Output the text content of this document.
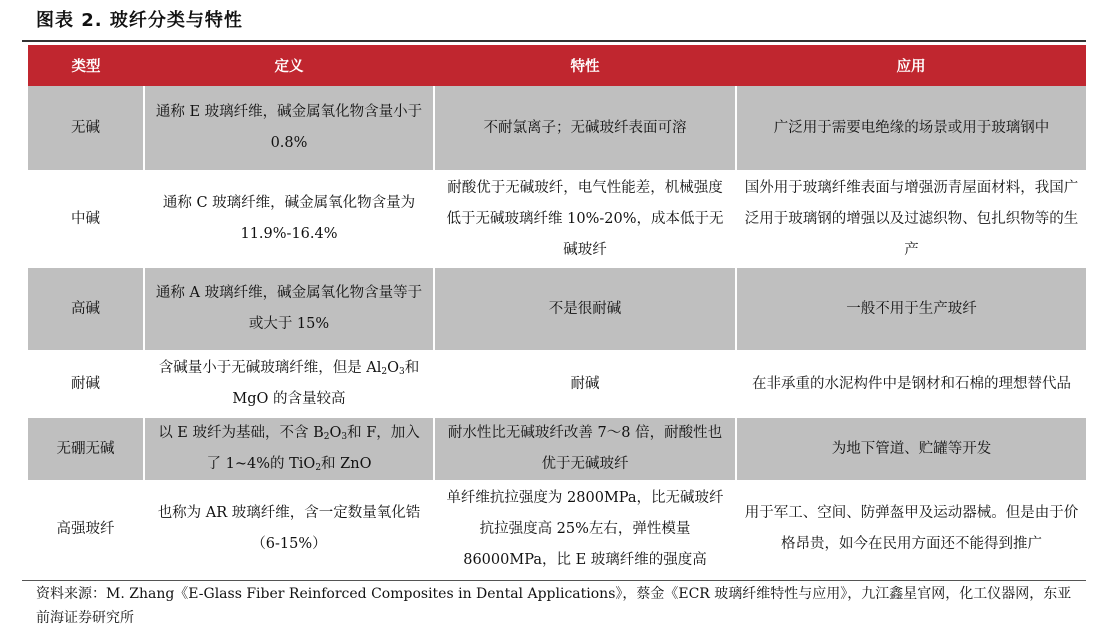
图表 2. 玻纤分类与特性
类型	定义	特性	应用
无碱	通称 E 玻璃纤维，碱金属氧化物含量小于 0.8%	不耐氯离子；无碱玻纤表面可溶	广泛用于需要电绝缘的场景或用于玻璃钢中
中碱	通称 C 玻璃纤维，碱金属氧化物含量为 11.9%-16.4%	耐酸优于无碱玻纤，电气性能差，机械强度低于无碱玻璃纤维 10%-20%，成本低于无碱玻纤	国外用于玻璃纤维表面与增强沥青屋面材料，我国广泛用于玻璃钢的增强以及过滤织物、包扎织物等的生产
高碱	通称 A 玻璃纤维，碱金属氧化物含量等于或大于 15%	不是很耐碱	一般不用于生产玻纤
耐碱	含碱量小于无碱玻璃纤维，但是 $Al_2O_3$和 MgO 的含量较高	耐碱	在非承重的水泥构件中是钢材和石棉的理想替代品
无硼无碱	以 E 玻纤为基础，不含 $B_2O_3$和 F，加入了 1~4%的 TiO$_2$和 ZnO	耐水性比无碱玻纤改善 7～8 倍，耐酸性也优于无碱玻纤	为地下管道、贮罐等开发
高强玻纤	也称为 AR 玻璃纤维，含一定数量氧化锆（6-15%）	单纤维抗拉强度为 2800MPa，比无碱玻纤抗拉强度高 25%左右，弹性模量 86000MPa，比 E 玻璃纤维的强度高	用于军工、空间、防弹盔甲及运动器械。但是由于价格昂贵，如今在民用方面还不能得到推广
资料来源：M. Zhang《E-Glass Fiber Reinforced Composites in Dental Applications》，蔡金《ECR 玻璃纤维特性与应用》，九江鑫星官网，化工仪器网，东亚前海证券研究所
